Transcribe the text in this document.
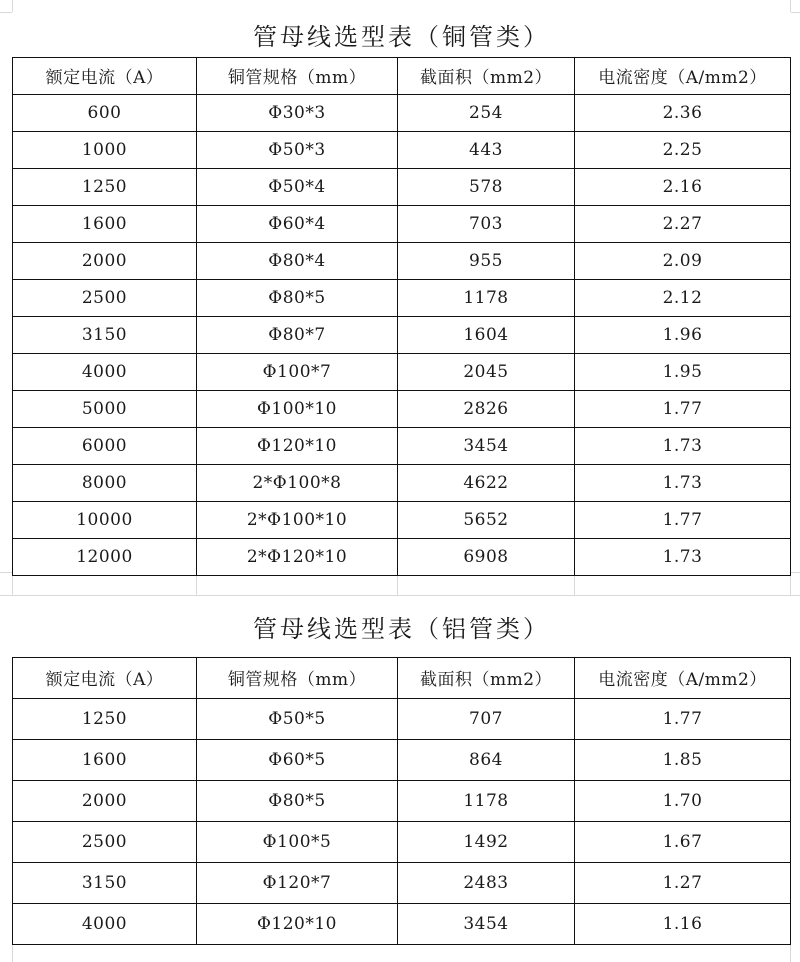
管母线选型表（铜管类）			
额定电流（A）	铜管规格（mm）	截面积（mm2）	电流密度（A/mm2）
600	Φ30*3	254	2.36
1000	Φ50*3	443	2.25
1250	Φ50*4	578	2.16
1600	Φ60*4	703	2.27
2000	Φ80*4	955	2.09
2500	Φ80*5	1178	2.12
3150	Φ80*7	1604	1.96
4000	Φ100*7	2045	1.95
5000	Φ100*10	2826	1.77
6000	Φ120*10	3454	1.73
8000	2*Φ100*8	4622	1.73
10000	2*Φ100*10	5652	1.77
12000	2*Φ120*10	6908	1.73
管母线选型表（铝管类）			
额定电流（A）	铜管规格（mm）	截面积（mm2）	电流密度（A/mm2）
1250	Φ50*5	707	1.77
1600	Φ60*5	864	1.85
2000	Φ80*5	1178	1.70
2500	Φ100*5	1492	1.67
3150	Φ120*7	2483	1.27
4000	Φ120*10	3454	1.16
